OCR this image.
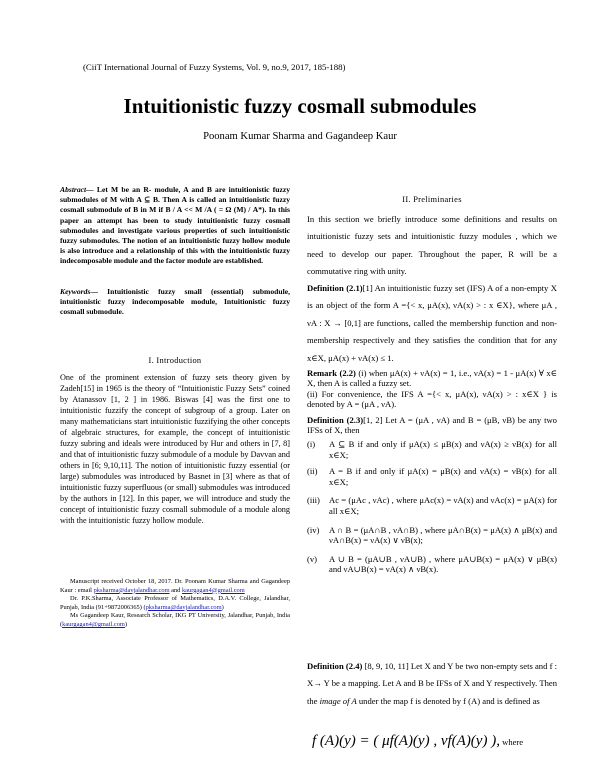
(CiiT International Journal of Fuzzy Systems, Vol. 9, no.9, 2017, 185-188)
Intuitionistic fuzzy cosmall submodules
Poonam Kumar Sharma and Gagandeep Kaur
Abstract— Let M be an R- module, A and B are intuitionistic fuzzy submodules of M with A ⊆ B. Then A is called an intuitionistic fuzzy cosmall submodule of B in M if B / A << M /A ( = Ω (M) / A*). In this paper an attempt has been to study intuitionistic fuzzy cosmall submodules and investigate various properties of such intuitionistic fuzzy submodules. The notion of an intuitionistic fuzzy hollow module is also introduce and a relationship of this with the intuitionistic fuzzy indecomposable module and the factor module are established.
Keywords— Intuitionistic fuzzy small (essential) submodule, intuitionistic fuzzy indecomposable module, Intuitionistic fuzzy cosmall submodule.
I. Introduction
One of the prominent extension of fuzzy sets theory given by Zadeh[15] in 1965 is the theory of “Intuitionistic Fuzzy Sets” coined by Atanassov [1, 2 ] in 1986. Biswas [4] was the first one to intuitionistic fuzzify the concept of subgroup of a group. Later on many mathematicians start intuitionistic fuzzifying the other concepts of algebraic structures, for example, the concept of intuitionistic fuzzy subring and ideals were introduced by Hur and others in [7, 8] and that of intuitionistic fuzzy submodule of a module by Davvan and others in [6; 9,10,11]. The notion of intuitionistic fuzzy essential (or large) submodules was introduced by Basnet in [3] where as that of intuitionistic fuzzy superfluous (or small) submodules was introduced by the authors in [12]. In this paper, we will introduce and study the concept of intuitionistic fuzzy cosmall submodule of a module along with the intuitionistic fuzzy hollow module.

Manuscript received October 18, 2017. Dr. Poonam Kumar Sharma and Gagandeep Kaur : email pksharma@davjalandhar.com and kaurgagan4@gmail.com

Dr. P.K.Sharma, Associate Professor of Mathematics, D.A.V. College, Jalandhar, Punjab, India (91+9872006365) (pksharma@davjalandhar.com)

Ms Gagandeep Kaur, Research Scholar, IKG PT University, Jalandhar, Punjab, India (kaurgagan4@gmail.com)

II. Preliminaries
In this section we briefly introduce some definitions and results on intuitionistic fuzzy sets and intuitionistic fuzzy modules , which we need to develop our paper. Throughout the paper, R will be a commutative ring with unity.
Definition (2.1)[1] An intuitionistic fuzzy set (IFS) A of a non-empty X is an object of the form A ={< x, μA(x), νA(x) > : x ∈X}, where μA , νA : X → [0,1] are functions, called the membership function and non-membership respectively and they satisfies the condition that for any x∈X, μA(x) + νA(x) ≤ 1.

Remark (2.2) (i) when μA(x) + νA(x) = 1, i.e., νA(x) = 1 - μA(x) ∀ x∈ X, then A is called a fuzzy set.

(ii) For convenience, the IFS A ={< x, μA(x), νA(x) > : x∈X } is denoted by A = (μA , νA).

Definition (2.3)[1, 2] Let A = (μA , νA) and B = (μB, νB) be any two IFSs of X, then
(i)	A ⊆ B if and only if μA(x) ≤ μB(x) and νA(x) ≥ νB(x) for all x∈X;
(ii)	A = B if and only if μA(x) = μB(x) and νA(x) = νB(x) for all x∈X;
(iii)	Ac = (μAc , νAc) , where μAc(x) = νA(x) and νAc(x) = μA(x) for all x∈X;
(iv)	A ∩ B = (μA∩B , νA∩B) , where μA∩B(x) = μA(x) ∧ μB(x) and νA∩B(x) = νA(x) ∨ νB(x);
(v)	A ∪ B = (μA∪B , νA∪B) , where μA∪B(x) = μA(x) ∨ μB(x) and νA∪B(x) = νA(x) ∧ νB(x).
Definition (2.4) [8, 9, 10, 11] Let X and Y be two non-empty sets and f : X→ Y be a mapping. Let A and B be IFSs of X and Y respectively. Then the image of A under the map f is denoted by f (A) and is defined as
f (A)(y) = ( μf(A)(y) , νf(A)(y) ), where
